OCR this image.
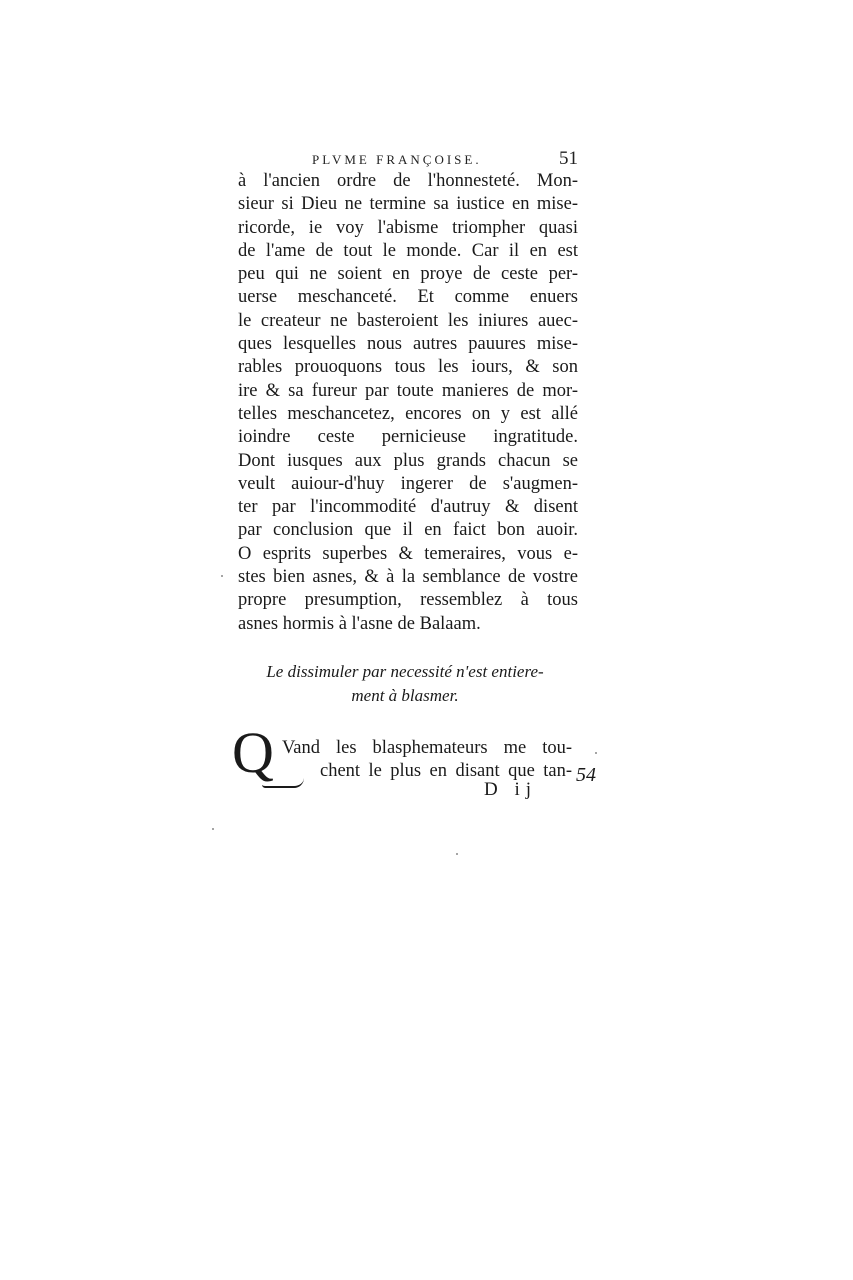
PLVME FRANÇOISE.	51
à l'ancien ordre de l'honnesteté. Mon-
sieur si Dieu ne termine sa iustice en mise-
ricorde, ie voy l'abisme triompher quasi
de l'ame de tout le monde. Car il en est
peu qui ne soient en proye de ceste per-
uerse meschanceté. Et comme enuers
le createur ne basteroient les iniures auec-
ques lesquelles nous autres pauures mise-
rables prouoquons tous les iours, & son
ire & sa fureur par toute manieres de mor-
telles meschancetez, encores on y est allé
ioindre ceste pernicieuse ingratitude.
Dont iusques aux plus grands chacun se
veult auiour-d'huy ingerer de s'augmen-
ter par l'incommodité d'autruy & disent
par conclusion que il en faict bon auoir.
O esprits superbes & temeraires, vous e-
stes bien asnes, & à la semblance de vostre
propre presumption, ressemblez à tous
asnes hormis à l'asne de Balaam.
Le dissimuler par necessité n'est entiere-
ment à blasmer.
Q Vand les blasphemateurs me tou-
chent le plus en disant que tan- 54
D ij
